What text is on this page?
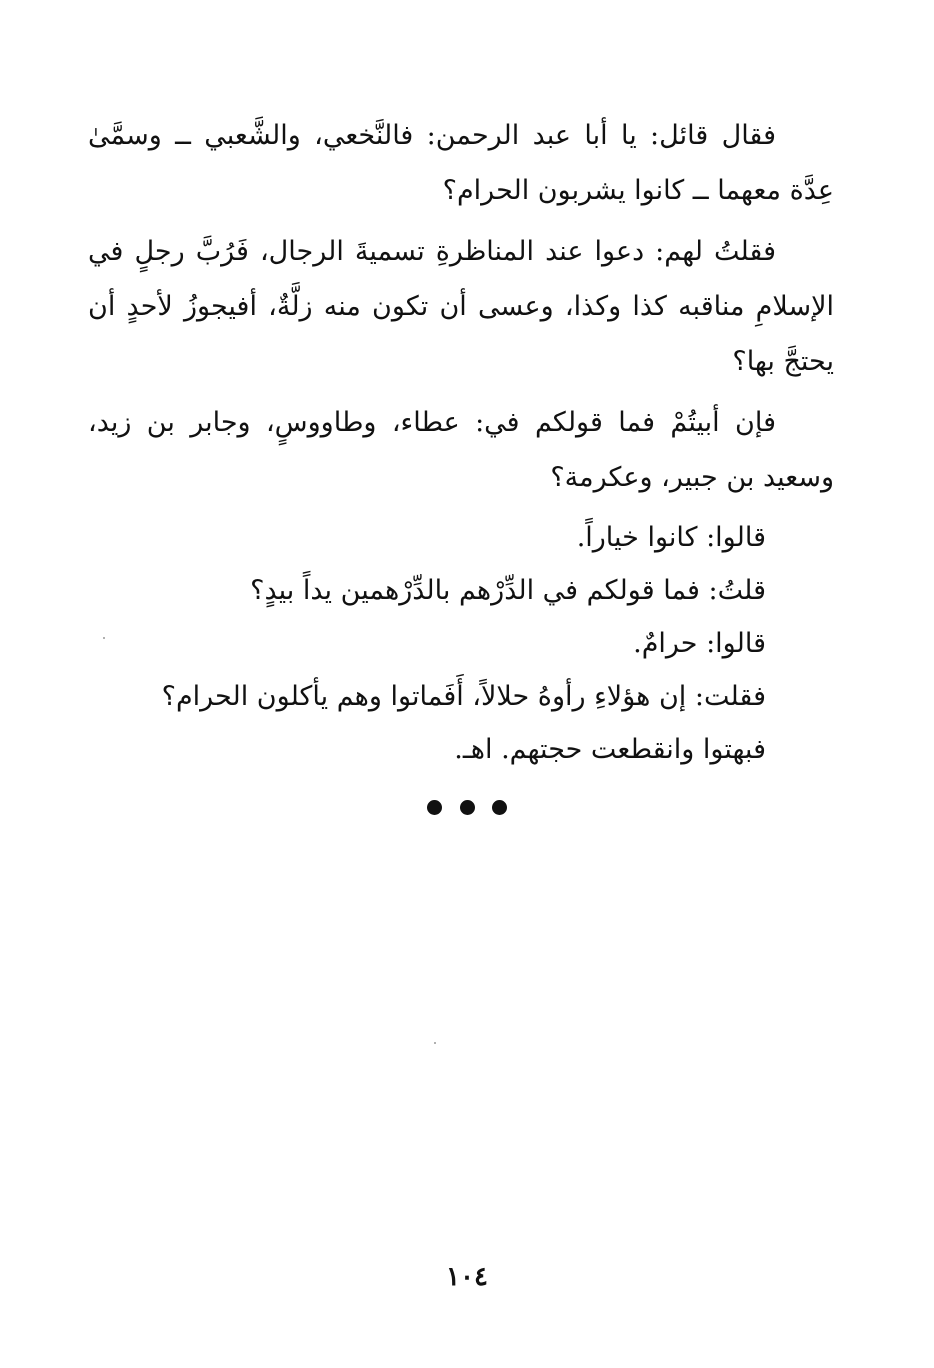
فقال قائل: يا أبا عبد الرحمن: فالنَّخعي، والشَّعبي ــ وسمَّىٰ عِدَّة معهما ــ كانوا يشربون الحرام؟

فقلتُ لهم: دعوا عند المناظرةِ تسميةَ الرجال، فَرُبَّ رجلٍ في الإسلامِ مناقبه كذا وكذا، وعسى أن تكون منه زلَّةٌ، أفيجوزُ لأحدٍ أن يحتجَّ بها؟

فإن أبيتُمْ فما قولكم في: عطاء، وطاووسٍ، وجابر بن زيد، وسعيد بن جبير، وعكرمة؟

قالوا: كانوا خياراً.

قلتُ: فما قولكم في الدِّرْهم بالدِّرْهمين يداً بيدٍ؟

قالوا: حرامٌ.

فقلت: إن هؤلاءِ رأوهُ حلالاً، أَفَماتوا وهم يأكلون الحرام؟

فبهتوا وانقطعت حجتهم. اهـ.

١٠٤
